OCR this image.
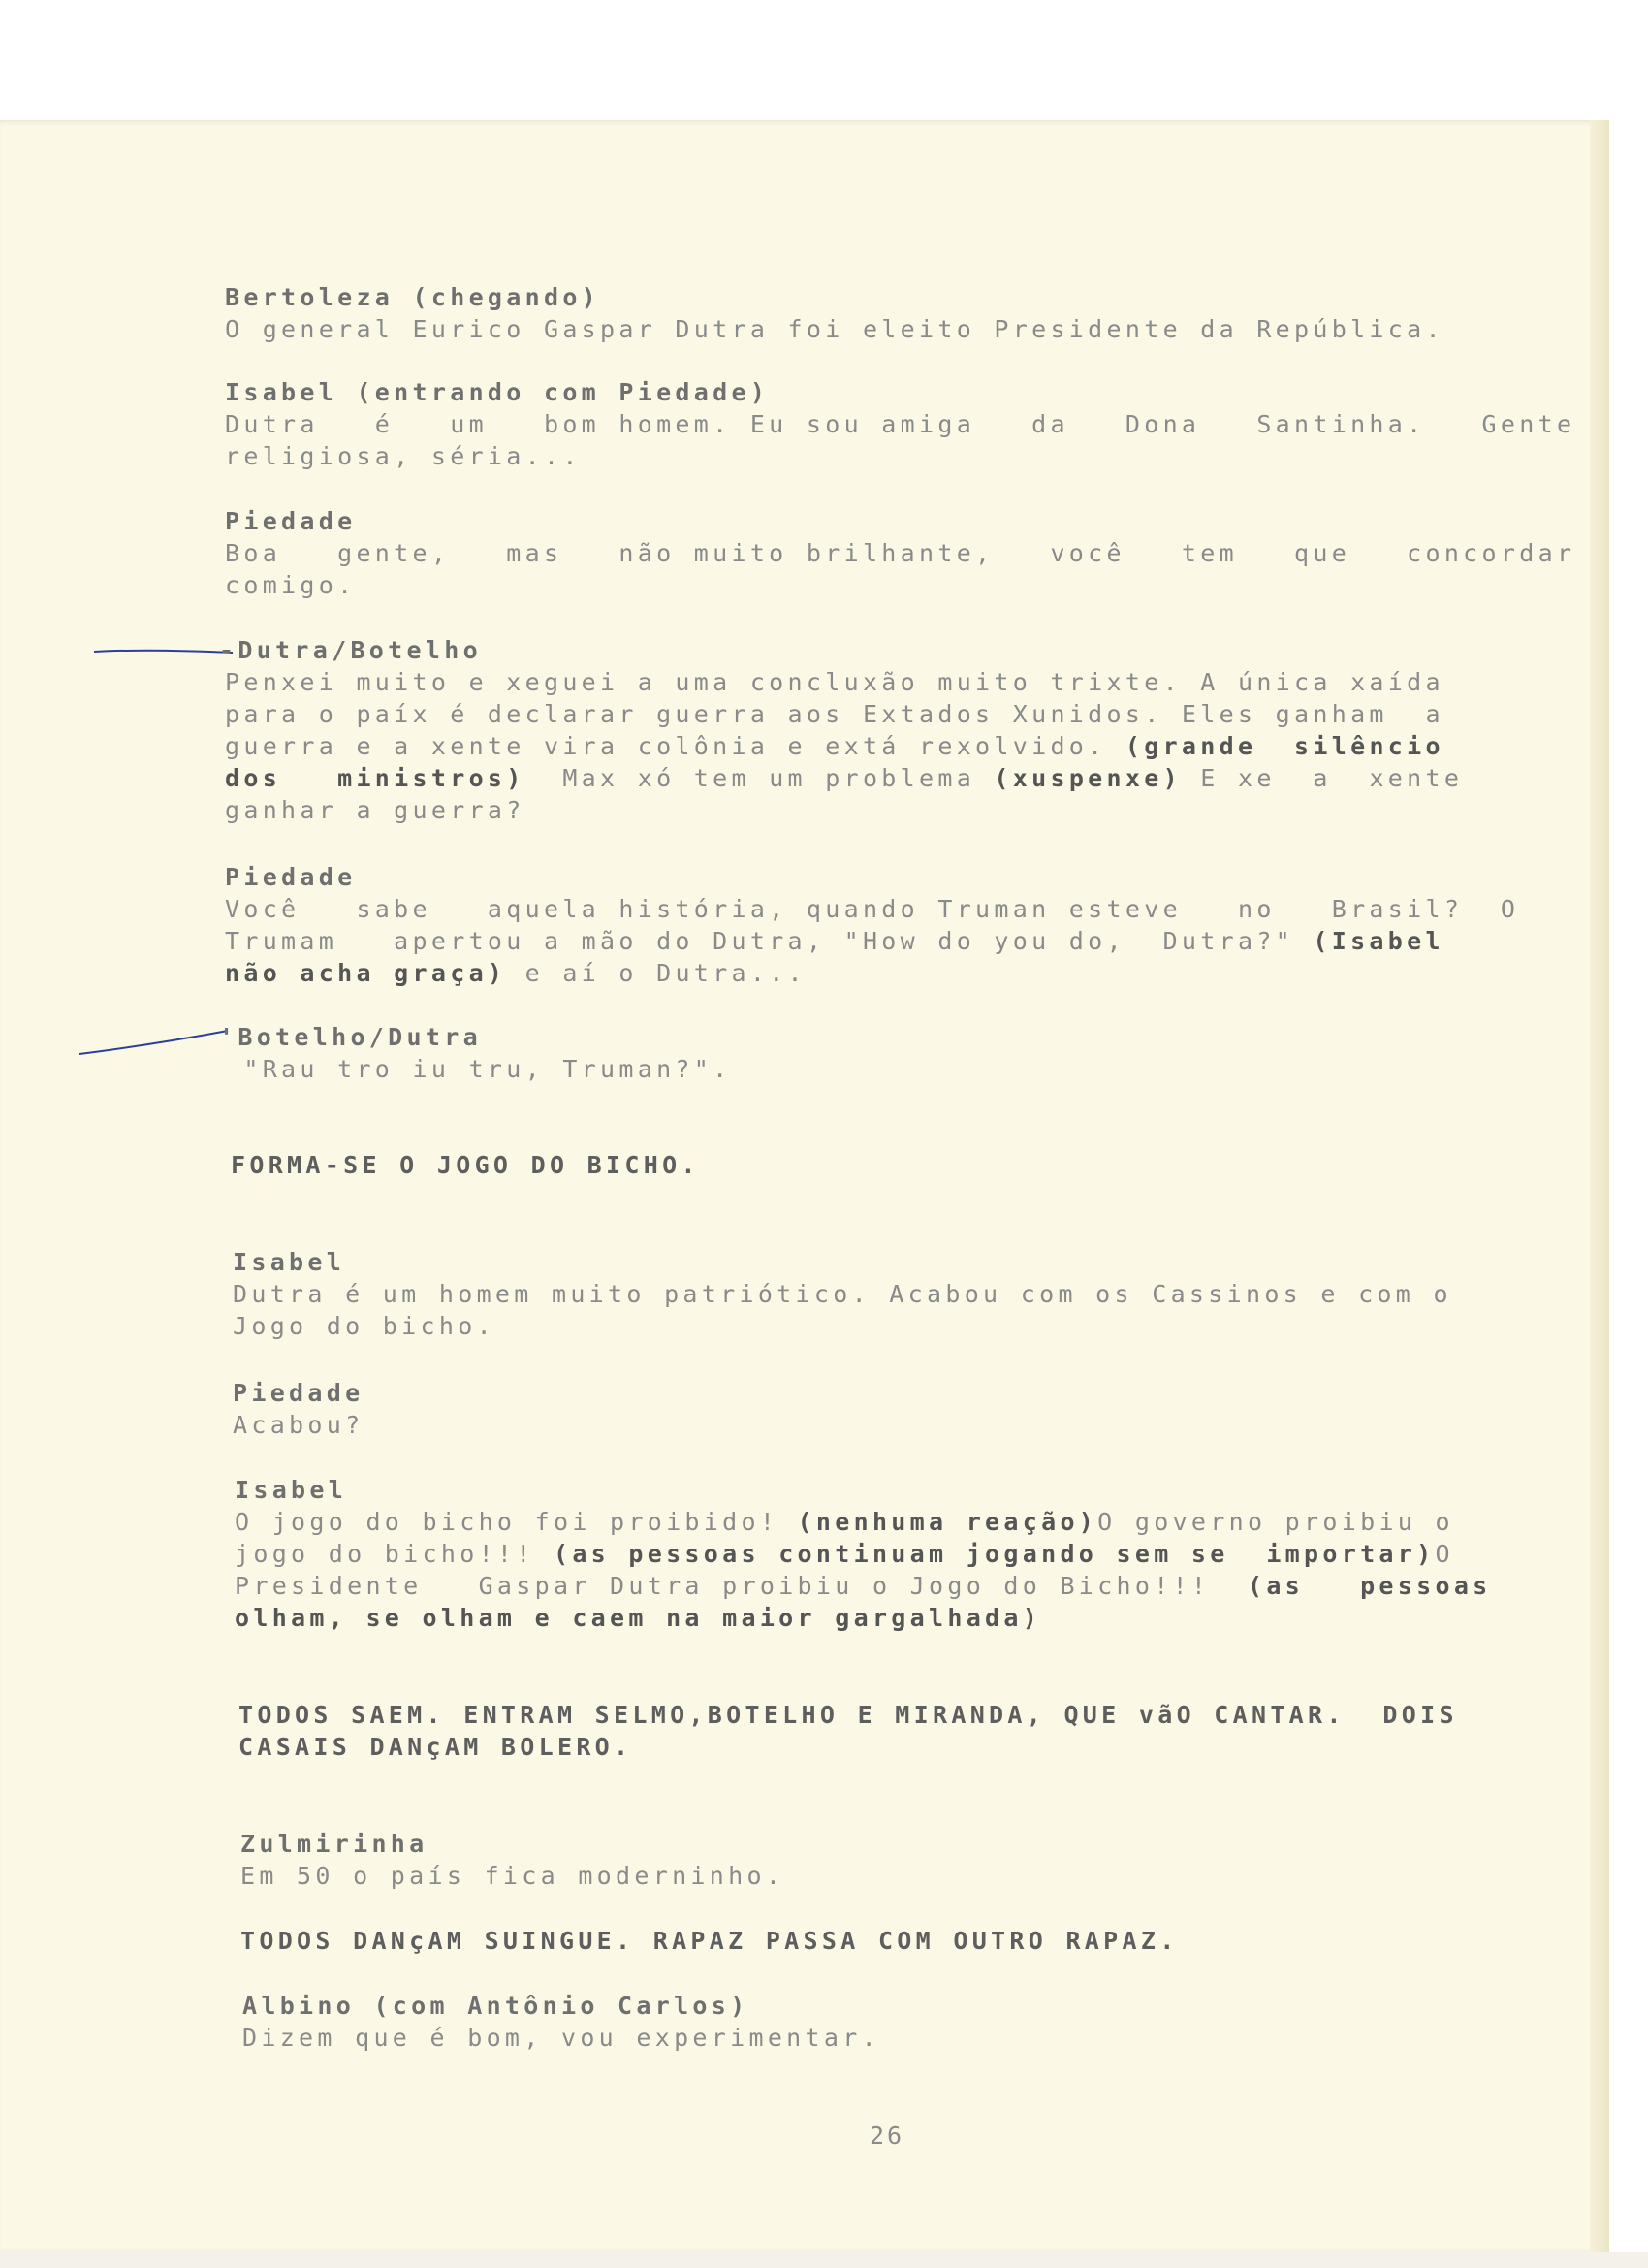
Bertoleza (chegando)

O general Eurico Gaspar Dutra foi eleito Presidente da República.

Isabel (entrando com Piedade)

Dutra   é   um   bom homem. Eu sou amiga   da   Dona   Santinha.   Gente

religiosa, séria...

Piedade

Boa   gente,   mas   não muito brilhante,   você   tem   que   concordar

comigo.

-Dutra/Botelho

Penxei muito e xeguei a uma concluxão muito trixte. A única xaída

para o paíx é declarar guerra aos Extados Xunidos. Eles ganham  a

guerra e a xente vira colônia e extá rexolvido. (grande  silêncio

dos   ministros)  Max xó tem um problema (xuspenxe) E xe  a  xente

ganhar a guerra?

Piedade

Você   sabe   aquela história, quando Truman esteve   no   Brasil?  O

Trumam   apertou a mão do Dutra, "How do you do,  Dutra?" (Isabel

não acha graça) e aí o Dutra...

'Botelho/Dutra

"Rau tro iu tru, Truman?".

FORMA-SE O JOGO DO BICHO.

Isabel

Dutra é um homem muito patriótico. Acabou com os Cassinos e com o

Jogo do bicho.

Piedade

Acabou?

Isabel

O jogo do bicho foi proibido! (nenhuma reação)O governo proibiu o

jogo do bicho!!! (as pessoas continuam jogando sem se  importar)O

Presidente   Gaspar Dutra proibiu o Jogo do Bicho!!!  (as   pessoas

olham, se olham e caem na maior gargalhada)

TODOS SAEM. ENTRAM SELMO,BOTELHO E MIRANDA, QUE vãO CANTAR.  DOIS

CASAIS DANçAM BOLERO.

Zulmirinha

Em 50 o país fica moderninho.

TODOS DANçAM SUINGUE. RAPAZ PASSA COM OUTRO RAPAZ.

Albino (com Antônio Carlos)

Dizem que é bom, vou experimentar.

26
